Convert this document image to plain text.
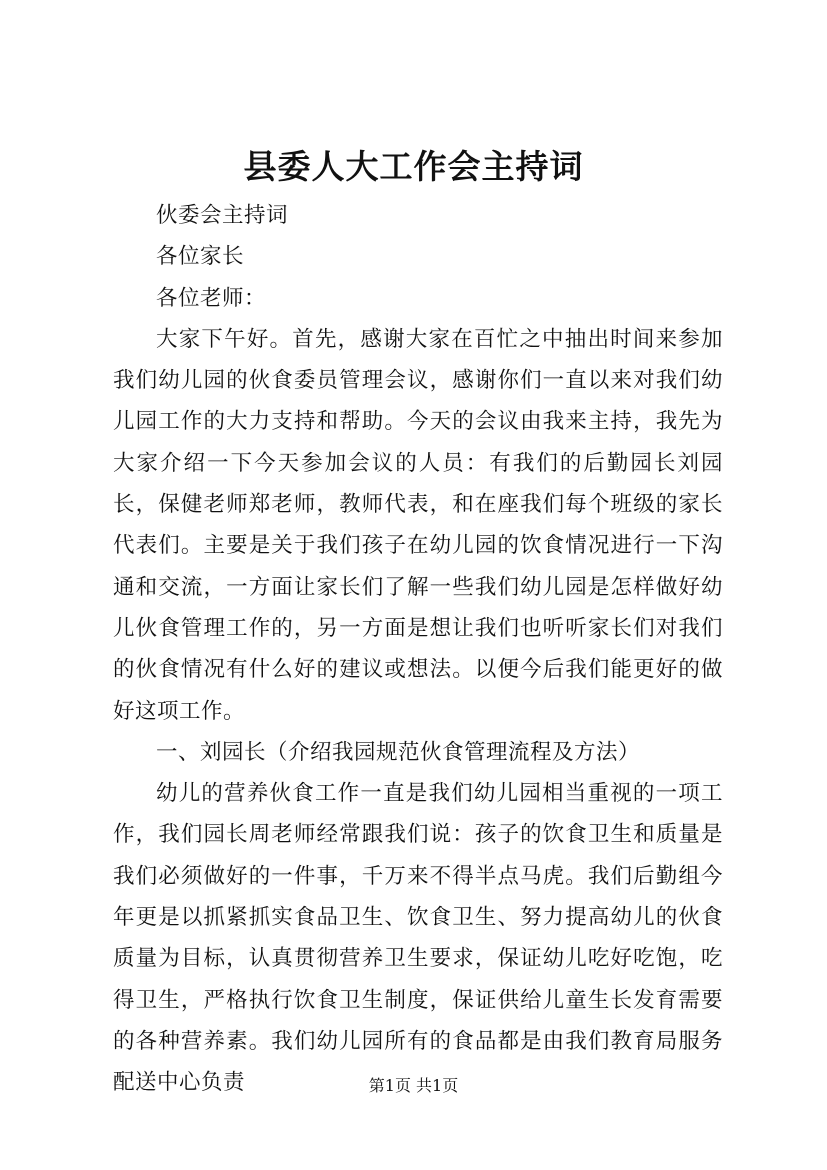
县委人大工作会主持词

伙委会主持词

各位家长

各位老师：

大家下午好。首先，感谢大家在百忙之中抽出时间来参加我们幼儿园的伙食委员管理会议，感谢你们一直以来对我们幼儿园工作的大力支持和帮助。今天的会议由我来主持，我先为大家介绍一下今天参加会议的人员：有我们的后勤园长刘园长，保健老师郑老师，教师代表，和在座我们每个班级的家长代表们。主要是关于我们孩子在幼儿园的饮食情况进行一下沟通和交流，一方面让家长们了解一些我们幼儿园是怎样做好幼儿伙食管理工作的，另一方面是想让我们也听听家长们对我们的伙食情况有什么好的建议或想法。以便今后我们能更好的做好这项工作。

一、刘园长（介绍我园规范伙食管理流程及方法）

幼儿的营养伙食工作一直是我们幼儿园相当重视的一项工作，我们园长周老师经常跟我们说：孩子的饮食卫生和质量是我们必须做好的一件事，千万来不得半点马虎。我们后勤组今年更是以抓紧抓实食品卫生、饮食卫生、努力提高幼儿的伙食质量为目标，认真贯彻营养卫生要求，保证幼儿吃好吃饱，吃得卫生，严格执行饮食卫生制度，保证供给儿童生长发育需要的各种营养素。我们幼儿园所有的食品都是由我们教育局服务配送中心负责	第1页 共1页
